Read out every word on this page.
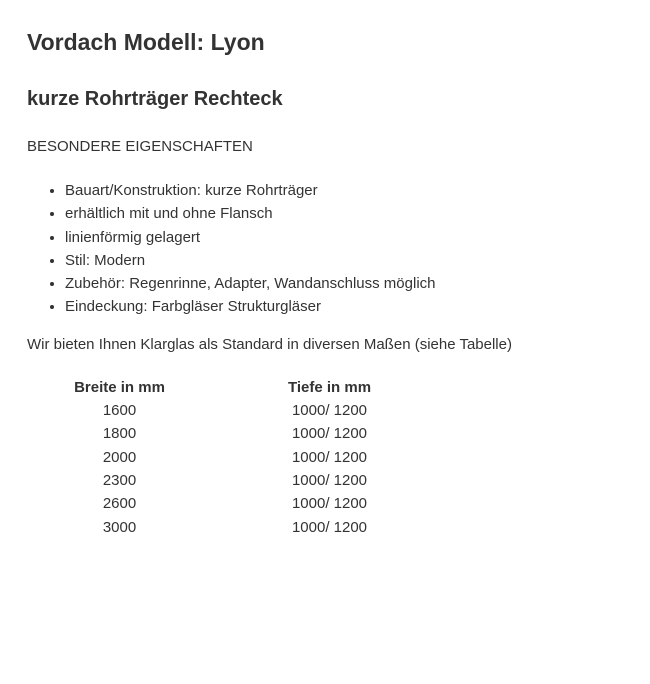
Vordach Modell: Lyon
kurze Rohrträger Rechteck
BESONDERE EIGENSCHAFTEN
• Bauart/Konstruktion: kurze Rohrträger
• erhältlich mit und ohne Flansch
• linienförmig gelagert
• Stil: Modern
• Zubehör: Regenrinne, Adapter, Wandanschluss möglich
• Eindeckung: Farbgläser Strukturgläser
Wir bieten Ihnen Klarglas als Standard in diversen Maßen (siehe Tabelle)
Breite in mm	Tiefe in mm
1600	1000/ 1200
1800	1000/ 1200
2000	1000/ 1200
2300	1000/ 1200
2600	1000/ 1200
3000	1000/ 1200
